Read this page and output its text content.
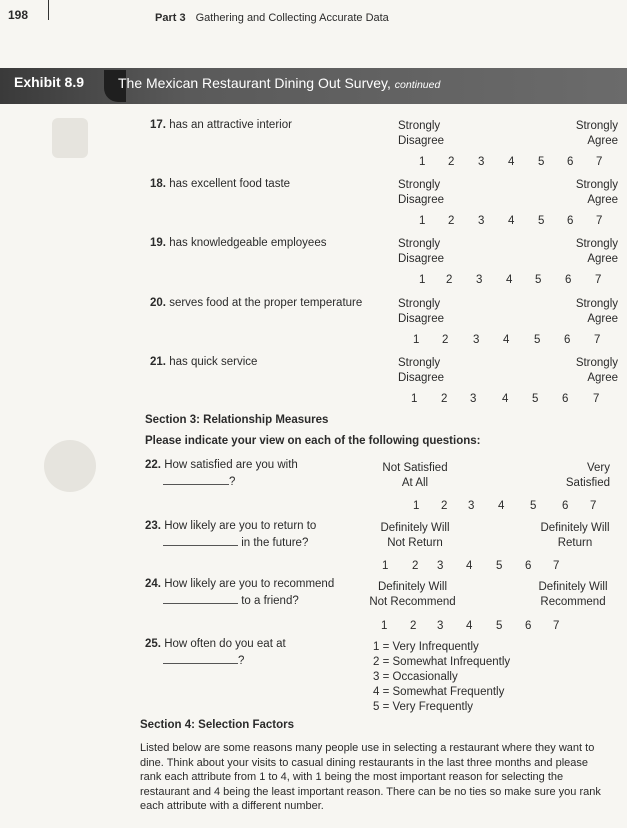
198	Part 3 Gathering and Collecting Accurate Data
Exhibit 8.9 The Mexican Restaurant Dining Out Survey, continued
17. has an attractive interior	Strongly
Disagree
Strongly
Agree
1 2 3 4 5 6 7
18. has excellent food taste	Strongly
Disagree
Strongly
Agree
1 2 3 4 5 6 7
19. has knowledgeable employees	Strongly
Disagree
Strongly
Agree
1 2 3 4 5 6 7
20. serves food at the proper temperature	Strongly
Disagree
Strongly
Agree
1 2 3 4 5 6 7
21. has quick service	Strongly
Disagree
Strongly
Agree
1 2 3 4 5 6 7
Section 3: Relationship Measures
Please indicate your view on each of the following questions:
22. How satisfied are you with
?
Not Satisfied
At All
Very
Satisfied
1 2 3 4 5 6 7
23. How likely are you to return to
in the future?
Definitely Will
Not Return
Definitely Will
Return
1 2 3 4 5 6 7
24. How likely are you to recommend
to a friend?
Definitely Will
Not Recommend
Definitely Will
Recommend
1 2 3 4 5 6 7
25. How often do you eat at
?
1 = Very Infrequently
2 = Somewhat Infrequently
3 = Occasionally
4 = Somewhat Frequently
5 = Very Frequently
Section 4: Selection Factors
Listed below are some reasons many people use in selecting a restaurant where they want to dine. Think about your visits to casual dining restaurants in the last three months and please rank each attribute from 1 to 4, with 1 being the most important reason for selecting the restaurant and 4 being the least important reason. There can be no ties so make sure you rank each attribute with a different number.
